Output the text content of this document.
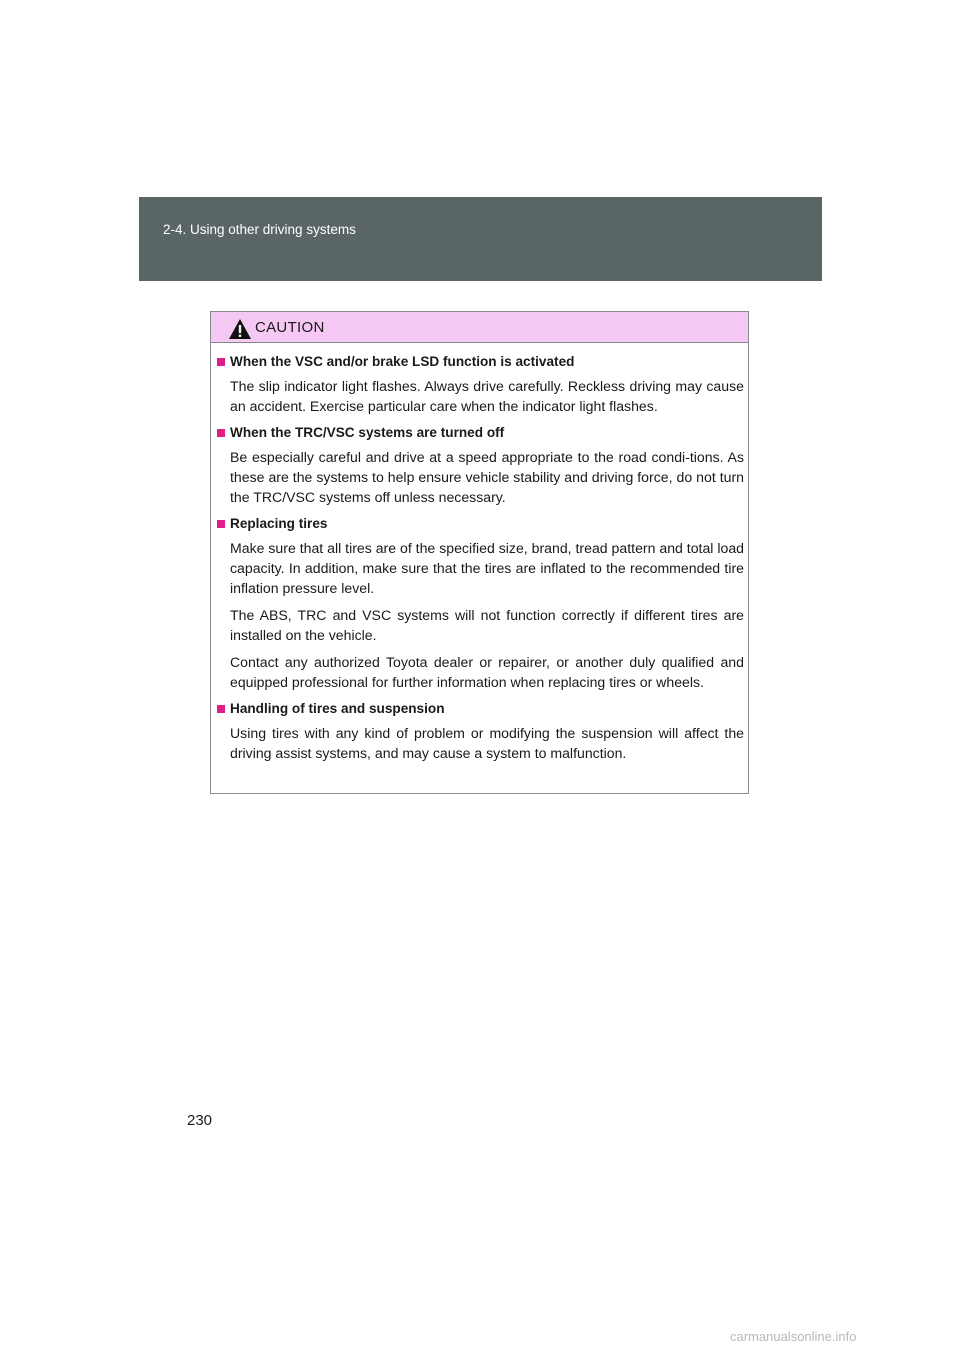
2-4. Using other driving systems
CAUTION
When the VSC and/or brake LSD function is activated

The slip indicator light flashes. Always drive carefully. Reckless driving may cause an accident. Exercise particular care when the indicator light flashes.

When the TRC/VSC systems are turned off

Be especially careful and drive at a speed appropriate to the road condi-tions. As these are the systems to help ensure vehicle stability and driving force, do not turn the TRC/VSC systems off unless necessary.

Replacing tires

Make sure that all tires are of the specified size, brand, tread pattern and total load capacity. In addition, make sure that the tires are inflated to the recommended tire inflation pressure level.

The ABS, TRC and VSC systems will not function correctly if different tires are installed on the vehicle.

Contact any authorized Toyota dealer or repairer, or another duly qualified and equipped professional for further information when replacing tires or wheels.

Handling of tires and suspension

Using tires with any kind of problem or modifying the suspension will affect the driving assist systems, and may cause a system to malfunction.

230
carmanualsonline.info
